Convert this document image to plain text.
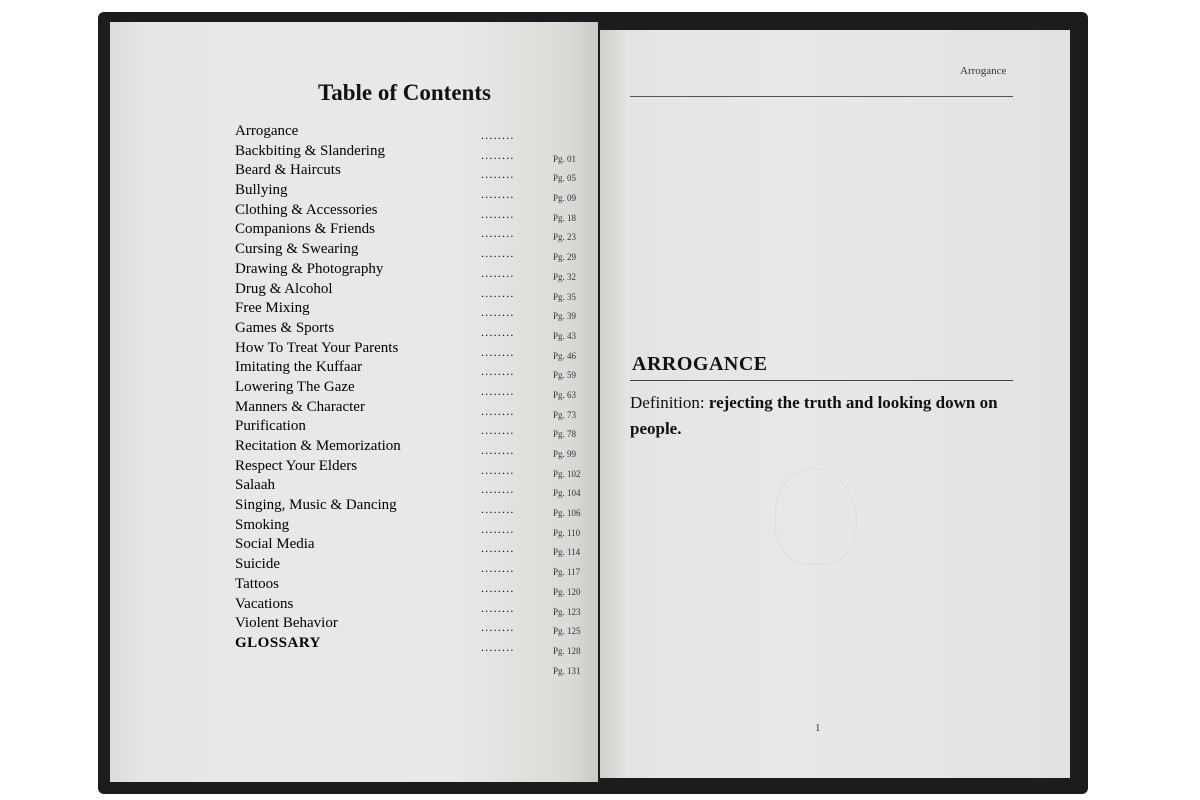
Table of Contents
Arrogance	........
Backbiting & Slandering	........	Pg. 01
Beard & Haircuts	........	Pg. 05
Bullying	........	Pg. 09
Clothing & Accessories	........	Pg. 18
Companions & Friends	........	Pg. 23
Cursing & Swearing	........	Pg. 29
Drawing & Photography	........	Pg. 32
Drug & Alcohol	........	Pg. 35
Free Mixing	........	Pg. 39
Games & Sports	........	Pg. 43
How To Treat Your Parents	........	Pg. 46
Imitating the Kuffaar	........	Pg. 59
Lowering The Gaze	........	Pg. 63
Manners & Character	........	Pg. 73
Purification	........	Pg. 78
Recitation & Memorization	........	Pg. 99
Respect Your Elders	........	Pg. 102
Salaah	........	Pg. 104
Singing, Music & Dancing	........	Pg. 106
Smoking	........	Pg. 110
Social Media	........	Pg. 114
Suicide	........	Pg. 117
Tattoos	........	Pg. 120
Vacations	........	Pg. 123
Violent Behavior	........	Pg. 125
GLOSSARY	........	Pg. 128
Pg. 131
Arrogance
ARROGANCE
Definition: rejecting the truth and looking down on people.
1
